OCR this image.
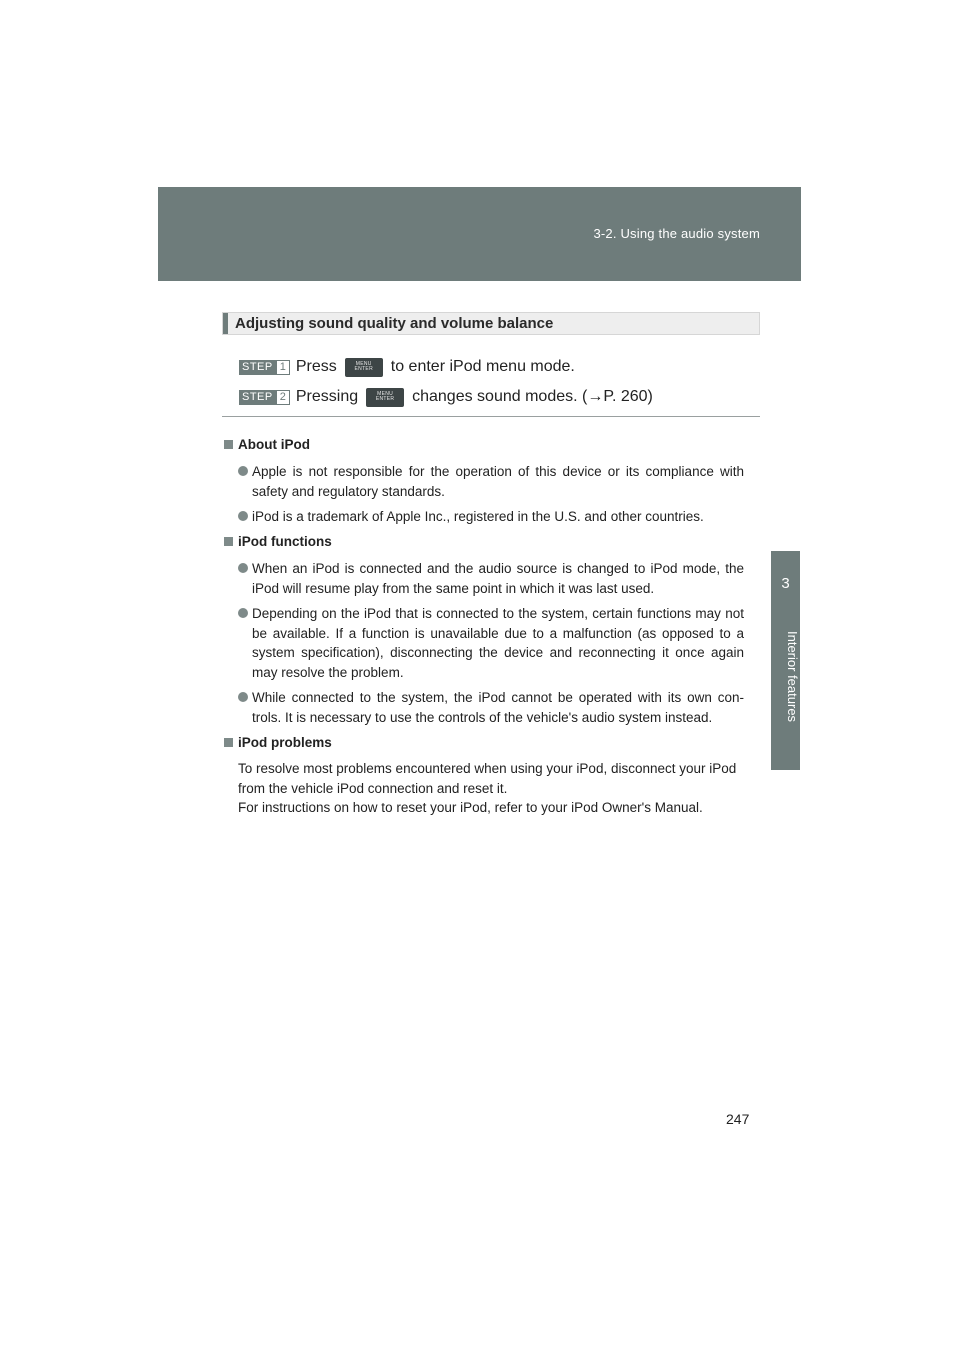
3-2. Using the audio system
3
Interior features
Adjusting sound quality and volume balance
STEP 1 Press	MENU
ENTER to enter iPod menu mode.
STEP 2 Pressing	MENU
ENTER changes sound modes. (→P. 260)
About iPod
Apple is not responsible for the operation of this device or its compliance with safety and regulatory standards.
iPod is a trademark of Apple Inc., registered in the U.S. and other countries.
iPod functions
When an iPod is connected and the audio source is changed to iPod mode, the iPod will resume play from the same point in which it was last used.
Depending on the iPod that is connected to the system, certain functions may not be available. If a function is unavailable due to a malfunction (as opposed to a system specification), disconnecting the device and reconnecting it once again may resolve the problem.
While connected to the system, the iPod cannot be operated with its own con- trols. It is necessary to use the controls of the vehicle's audio system instead.
iPod problems
To resolve most problems encountered when using your iPod, disconnect your iPod from the vehicle iPod connection and reset it.
For instructions on how to reset your iPod, refer to your iPod Owner's Manual.
247
